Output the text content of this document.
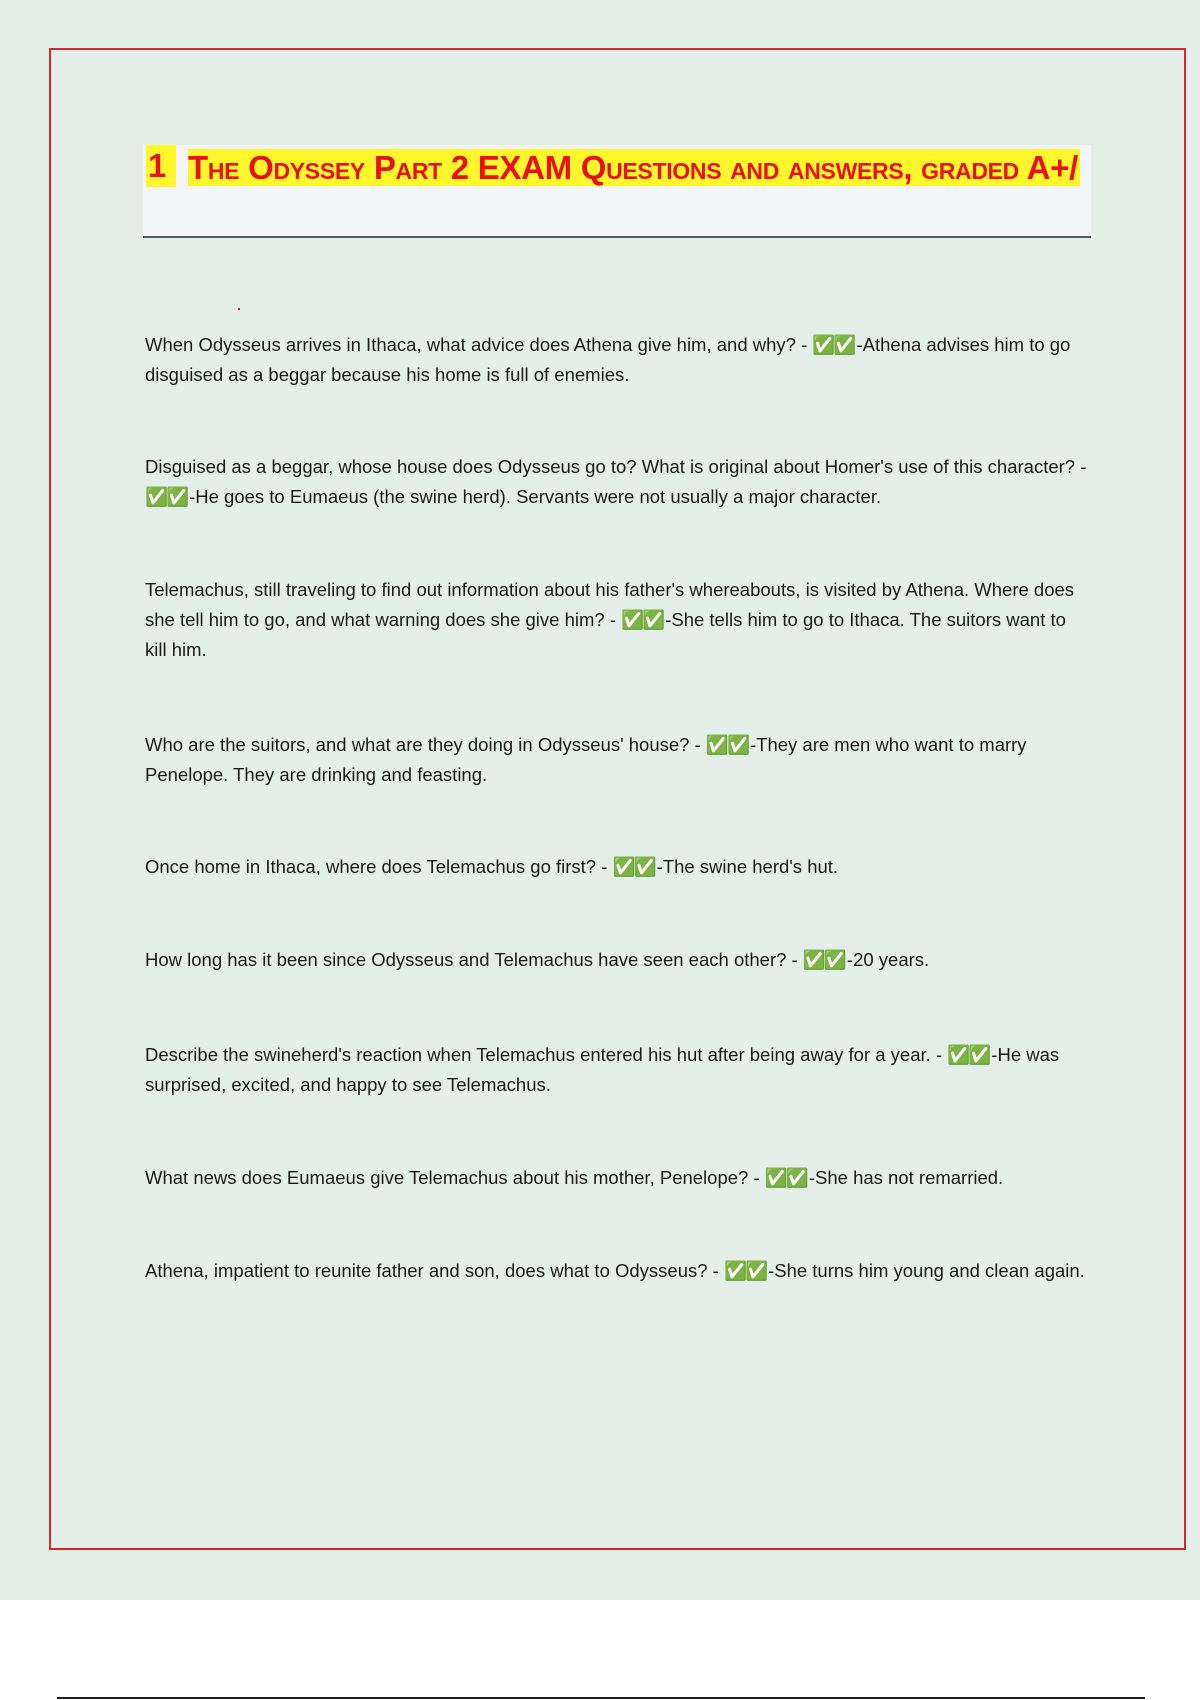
1 The Odyssey Part 2 EXAM Questions and answers, graded A+/

When Odysseus arrives in Ithaca, what advice does Athena give him, and why? - ✅✅ -Athena advises him to go disguised as a beggar because his home is full of enemies.

Disguised as a beggar, whose house does Odysseus go to? What is original about Homer's use of this character? - ✅✅ -He goes to Eumaeus (the swine herd). Servants were not usually a major character.

Telemachus, still traveling to find out information about his father's whereabouts, is visited by Athena. Where does she tell him to go, and what warning does she give him? - ✅✅ -She tells him to go to Ithaca. The suitors want to kill him.

Who are the suitors, and what are they doing in Odysseus' house? - ✅✅ -They are men who want to marry Penelope. They are drinking and feasting.

Once home in Ithaca, where does Telemachus go first? - ✅✅ -The swine herd's hut.

How long has it been since Odysseus and Telemachus have seen each other? - ✅✅ -20 years.

Describe the swineherd's reaction when Telemachus entered his hut after being away for a year. - ✅✅ -He was surprised, excited, and happy to see Telemachus.

What news does Eumaeus give Telemachus about his mother, Penelope? - ✅✅ -She has not remarried.

Athena, impatient to reunite father and son, does what to Odysseus? - ✅✅ -She turns him young and clean again.
